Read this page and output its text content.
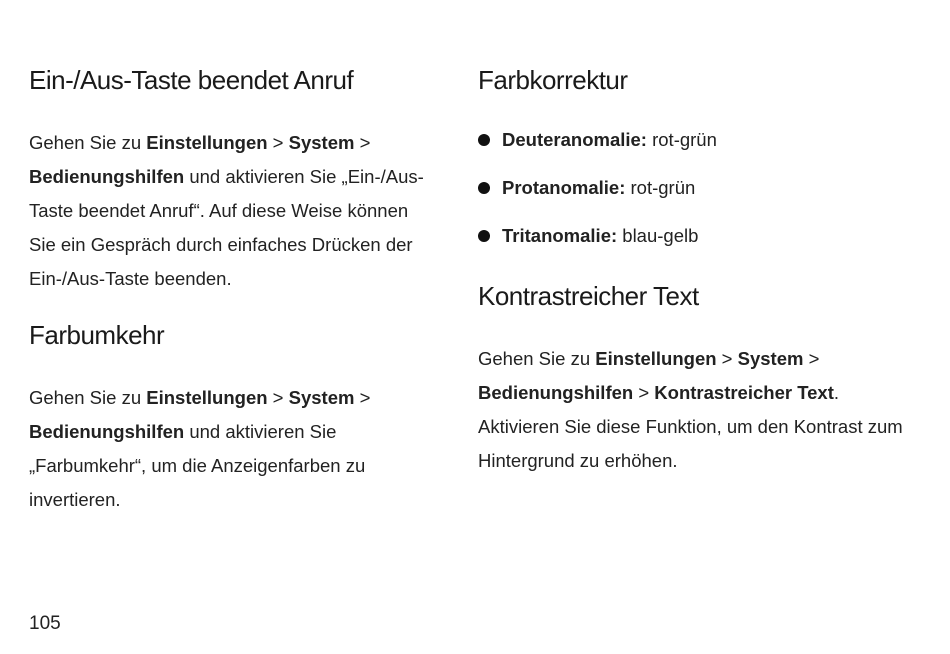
Ein-/Aus-Taste beendet Anruf

Gehen Sie zu Einstellungen > System > Bedienungshilfen und aktivieren Sie „Ein-/Aus-Taste beendet Anruf“. Auf diese Weise können Sie ein Gespräch durch einfaches Drücken der Ein-/Aus-Taste beenden.

Farbumkehr

Gehen Sie zu Einstellungen > System > Bedienungshilfen und aktivieren Sie „Farbumkehr“, um die Anzeigenfarben zu invertieren.

Farbkorrektur
Deuteranomalie: rot-grün
Protanomalie: rot-grün
Tritanomalie: blau-gelb
Kontrastreicher Text

Gehen Sie zu Einstellungen > System > Bedienungshilfen > Kontrastreicher Text. Aktivieren Sie diese Funktion, um den Kontrast zum Hintergrund zu erhöhen.

105
